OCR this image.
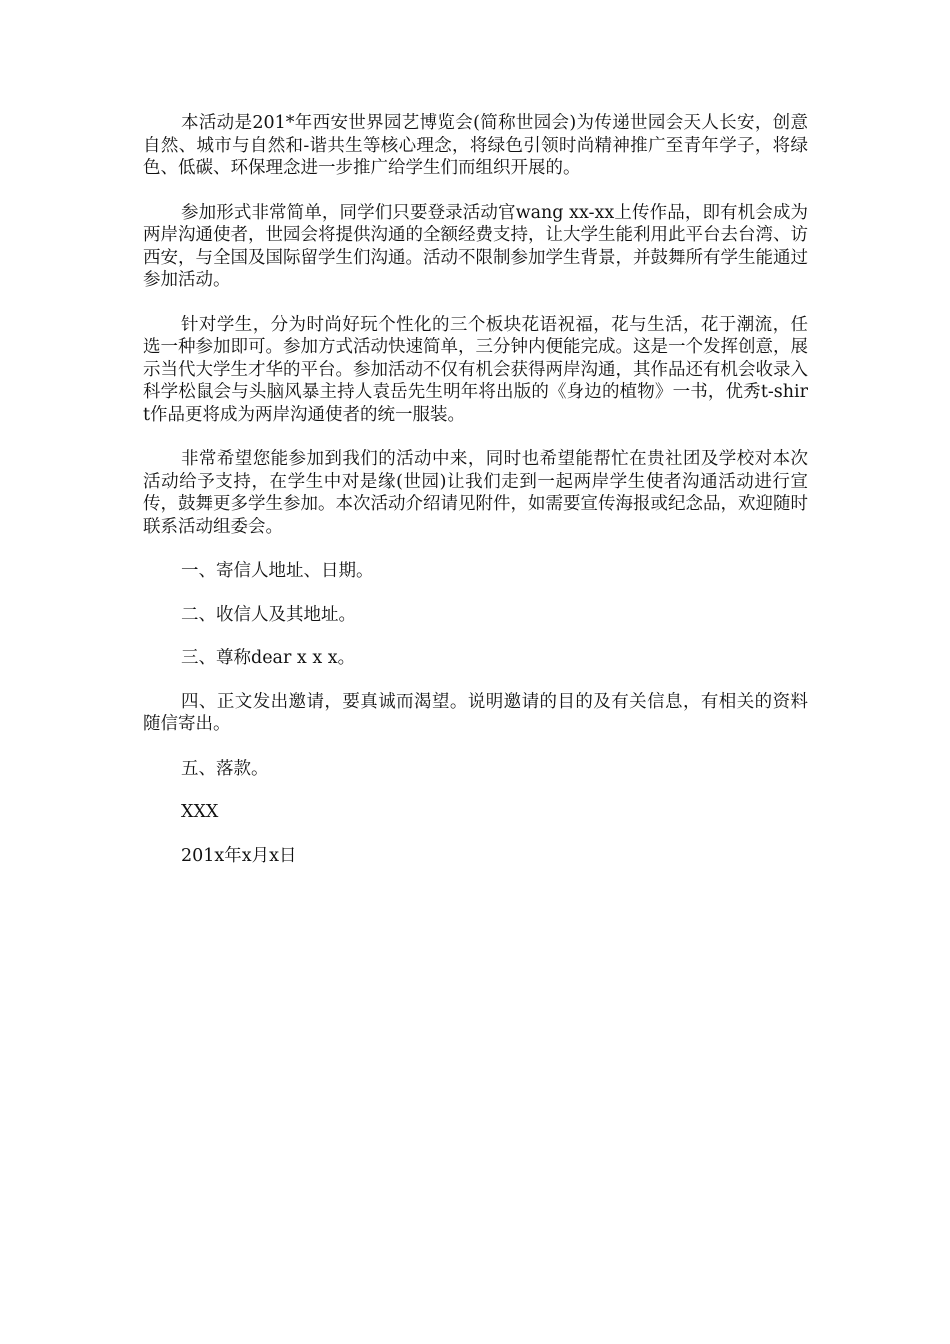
本活动是201*年西安世界园艺博览会(简称世园会)为传递世园会天人长安，创意自然、城市与自然和-谐共生等核心理念，将绿色引领时尚精神推广至青年学子，将绿色、低碳、环保理念进一步推广给学生们而组织开展的。

参加形式非常简单，同学们只要登录活动官wang xx-xx上传作品，即有机会成为两岸沟通使者，世园会将提供沟通的全额经费支持，让大学生能利用此平台去台湾、访西安，与全国及国际留学生们沟通。活动不限制参加学生背景，并鼓舞所有学生能通过参加活动。

针对学生，分为时尚好玩个性化的三个板块花语祝福，花与生活，花于潮流，任选一种参加即可。参加方式活动快速简单，三分钟内便能完成。这是一个发挥创意，展示当代大学生才华的平台。参加活动不仅有机会获得两岸沟通，其作品还有机会收录入科学松鼠会与头脑风暴主持人袁岳先生明年将出版的《身边的植物》一书，优秀t-shirt作品更将成为两岸沟通使者的统一服装。

非常希望您能参加到我们的活动中来，同时也希望能帮忙在贵社团及学校对本次活动给予支持，在学生中对是缘(世园)让我们走到一起两岸学生使者沟通活动进行宣传，鼓舞更多学生参加。本次活动介绍请见附件，如需要宣传海报或纪念品，欢迎随时联系活动组委会。

一、寄信人地址、日期。

二、收信人及其地址。

三、尊称dear x x x。

四、正文发出邀请，要真诚而渴望。说明邀请的目的及有关信息，有相关的资料随信寄出。

五、落款。

XXX

201x年x月x日
